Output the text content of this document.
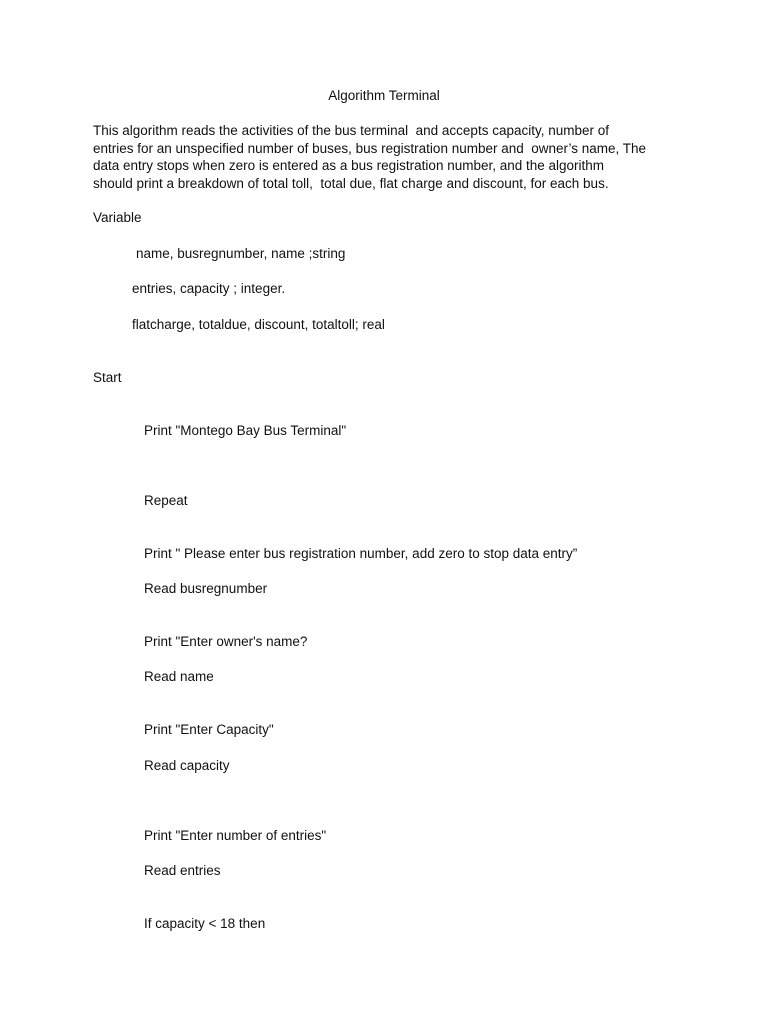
Algorithm Terminal

This algorithm reads the activities of the bus terminal  and accepts capacity, number of
entries for an unspecified number of buses, bus registration number and  owner’s name, The
data entry stops when zero is entered as a bus registration number, and the algorithm
should print a breakdown of total toll,  total due, flat charge and discount, for each bus.

Variable

name, busregnumber, name ;string

entries, capacity ; integer.

flatcharge, totaldue, discount, totaltoll; real

Start

Print "Montego Bay Bus Terminal"

Repeat

Print " Please enter bus registration number, add zero to stop data entry”

Read busregnumber

Print "Enter owner's name?

Read name

Print "Enter Capacity"

Read capacity

Print "Enter number of entries"

Read entries

If capacity < 18 then
